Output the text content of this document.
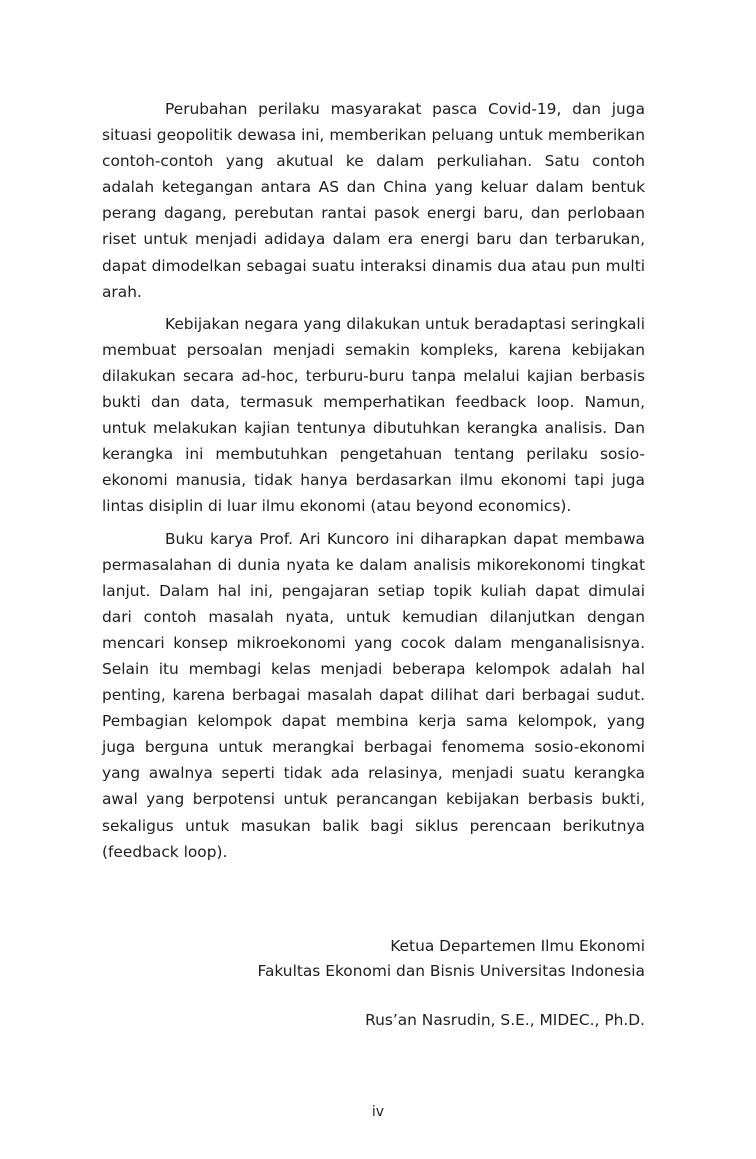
Perubahan perilaku masyarakat pasca Covid-19, dan juga situasi geopolitik dewasa ini, memberikan peluang untuk memberikan contoh-contoh yang akutual ke dalam perkuliahan. Satu contoh adalah ketegangan antara AS dan China yang keluar dalam bentuk perang dagang, perebutan rantai pasok energi baru, dan perlobaan riset untuk menjadi adidaya dalam era energi baru dan terbarukan, dapat dimodelkan sebagai suatu interaksi dinamis dua atau pun multi arah.

Kebijakan negara yang dilakukan untuk beradaptasi seringkali membuat persoalan menjadi semakin kompleks, karena kebijakan dilakukan secara ad-hoc, terburu-buru tanpa melalui kajian berbasis bukti dan data, termasuk memperhatikan feedback loop. Namun, untuk melakukan kajian tentunya dibutuhkan kerangka analisis. Dan kerangka ini membutuhkan pengetahuan tentang perilaku sosio-ekonomi manusia, tidak hanya berdasarkan ilmu ekonomi tapi juga lintas disiplin di luar ilmu ekonomi (atau beyond economics).

Buku karya Prof. Ari Kuncoro ini diharapkan dapat membawa permasalahan di dunia nyata ke dalam analisis mikorekonomi tingkat lanjut. Dalam hal ini, pengajaran setiap topik kuliah dapat dimulai dari contoh masalah nyata, untuk kemudian dilanjutkan dengan mencari konsep mikroekonomi yang cocok dalam menganalisisnya. Selain itu membagi kelas menjadi beberapa kelompok adalah hal penting, karena berbagai masalah dapat dilihat dari berbagai sudut. Pembagian kelompok dapat membina kerja sama kelompok, yang juga berguna untuk merangkai berbagai fenomema sosio-ekonomi yang awalnya seperti tidak ada relasinya, menjadi suatu kerangka awal yang berpotensi untuk perancangan kebijakan berbasis bukti, sekaligus untuk masukan balik bagi siklus perencaan berikutnya (feedback loop).

Ketua Departemen Ilmu Ekonomi
Fakultas Ekonomi dan Bisnis Universitas Indonesia
Rus’an Nasrudin, S.E., MIDEC., Ph.D.
iv
